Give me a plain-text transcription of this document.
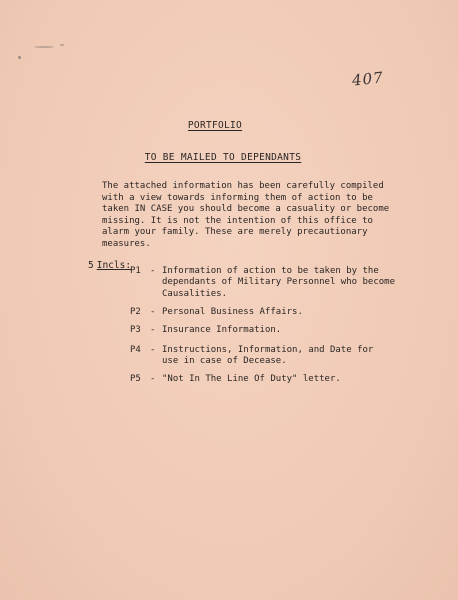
407
PORTFOLIO
TO BE MAILED TO DEPENDANTS
The attached information has been carefully compiled
with a view towards informing them of action to be
taken IN CASE you should become a casuality or become
missing. It is not the intention of this office to
alarm your family. These are merely precautionary
measures.
5 Incls:
P1 - Information of action to be taken by the
dependants of Military Personnel who become
Causalities.
P2 - Personal Business Affairs.
P3 - Insurance Information.
P4 - Instructions, Information, and Date for
use in case of Decease.
P5 - "Not In The Line Of Duty" letter.
